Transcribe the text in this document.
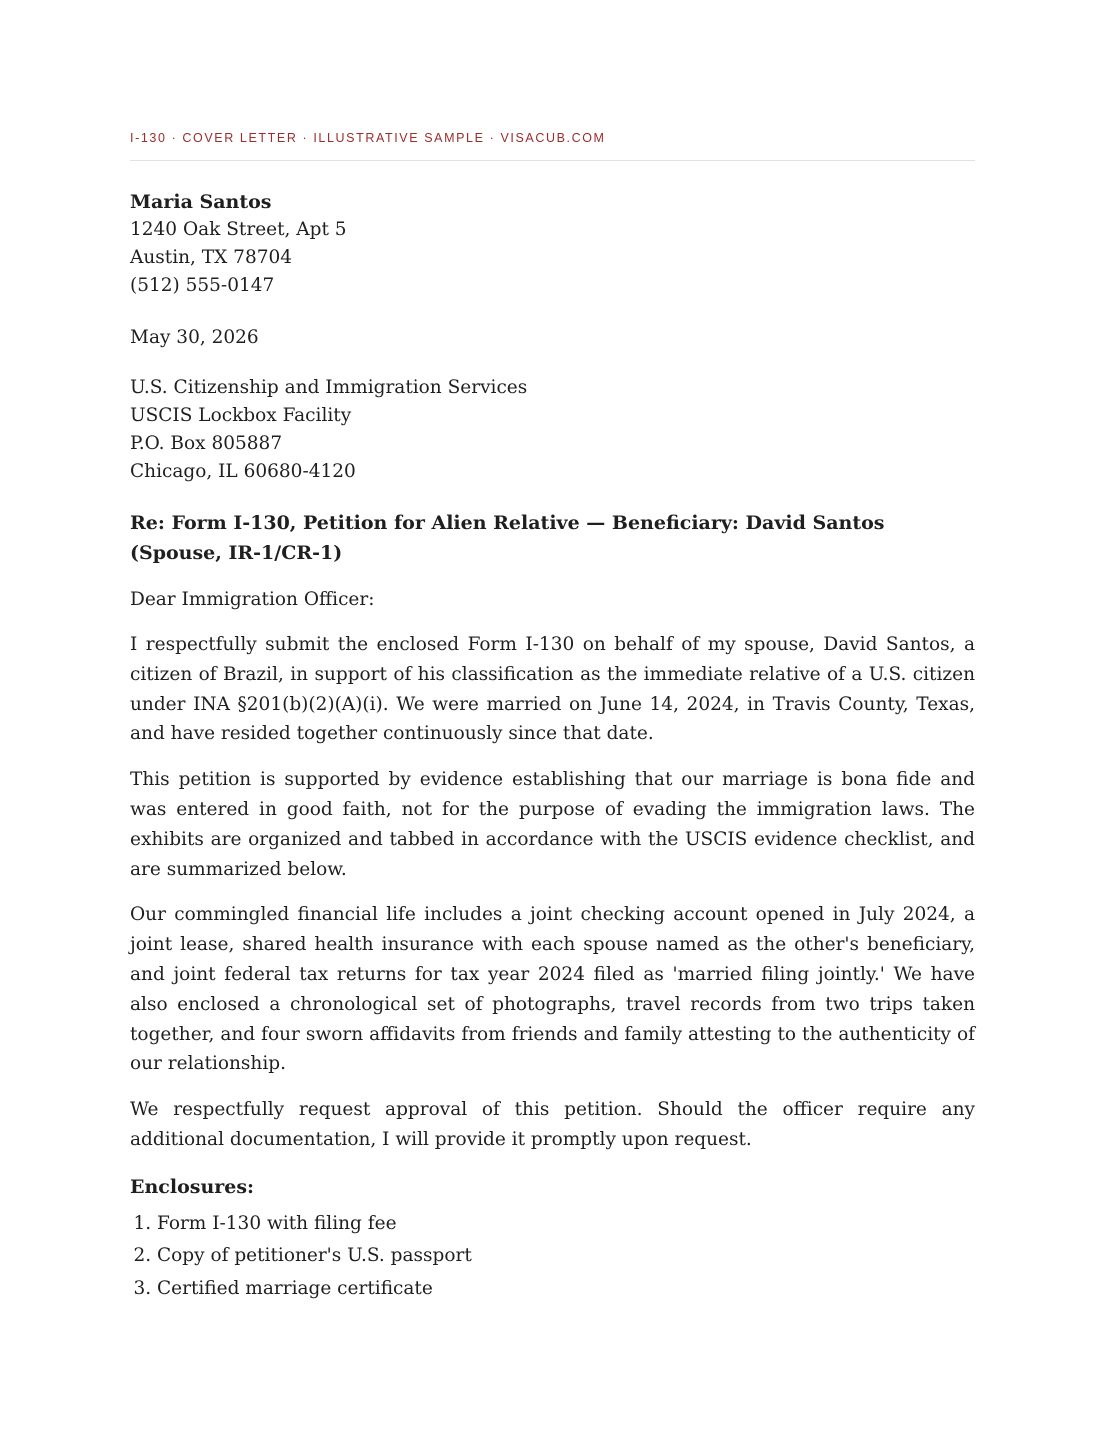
I-130 · COVER LETTER · ILLUSTRATIVE SAMPLE · VISACUB.COM
Maria Santos
1240 Oak Street, Apt 5
Austin, TX 78704
(512) 555-0147
May 30, 2026
U.S. Citizenship and Immigration Services
USCIS Lockbox Facility
P.O. Box 805887
Chicago, IL 60680-4120
Re: Form I-130, Petition for Alien Relative — Beneficiary: David Santos (Spouse, IR-1/CR-1)
Dear Immigration Officer:

I respectfully submit the enclosed Form I-130 on behalf of my spouse, David Santos, a citizen of Brazil, in support of his classification as the immediate relative of a U.S. citizen under INA §201(b)(2)(A)(i). We were married on June 14, 2024, in Travis County, Texas, and have resided together continuously since that date.

This petition is supported by evidence establishing that our marriage is bona fide and was entered in good faith, not for the purpose of evading the immigration laws. The exhibits are organized and tabbed in accordance with the USCIS evidence checklist, and are summarized below.

Our commingled financial life includes a joint checking account opened in July 2024, a joint lease, shared health insurance with each spouse named as the other's beneficiary, and joint federal tax returns for tax year 2024 filed as 'married filing jointly.' We have also enclosed a chronological set of photographs, travel records from two trips taken together, and four sworn affidavits from friends and family attesting to the authenticity of our relationship.

We respectfully request approval of this petition. Should the officer require any additional documentation, I will provide it promptly upon request.

Enclosures:
1. Form I-130 with filing fee
2. Copy of petitioner's U.S. passport
3. Certified marriage certificate
